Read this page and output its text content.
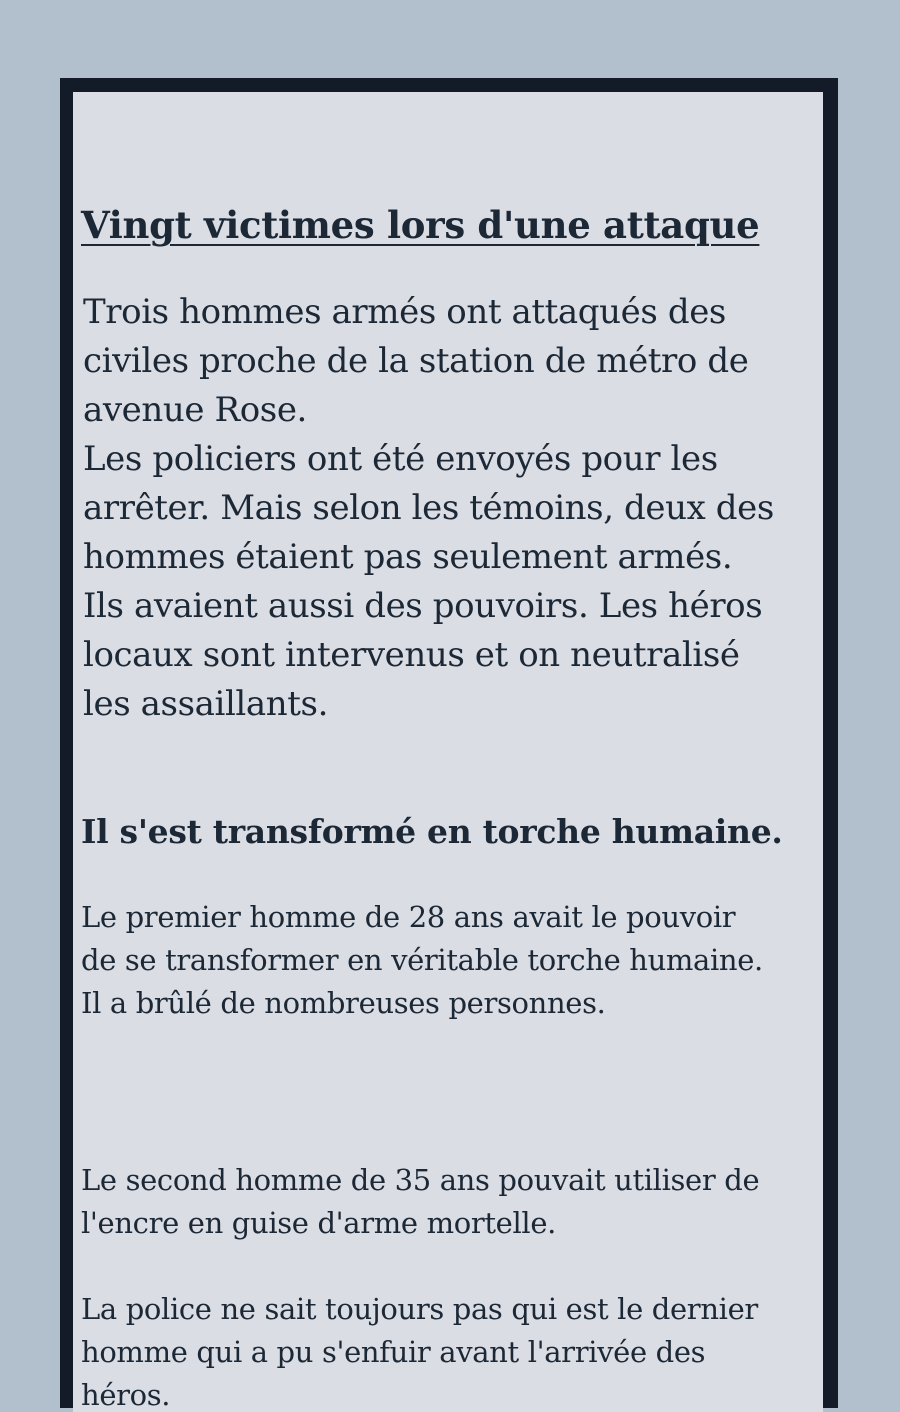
Vingt victimes lors d'une attaque

Trois hommes armés ont attaqués des
civiles proche de la station de métro de
avenue Rose.
Les policiers ont été envoyés pour les
arrêter. Mais selon les témoins, deux des
hommes étaient pas seulement armés.
Ils avaient aussi des pouvoirs. Les héros
locaux sont intervenus et on neutralisé
les assaillants.

Il s'est transformé en torche humaine.

Le premier homme de 28 ans avait le pouvoir
de se transformer en véritable torche humaine.
Il a brûlé de nombreuses personnes.

Le second homme de 35 ans pouvait utiliser de
l'encre en guise d'arme mortelle.

La police ne sait toujours pas qui est le dernier
homme qui a pu s'enfuir avant l'arrivée des
héros.
